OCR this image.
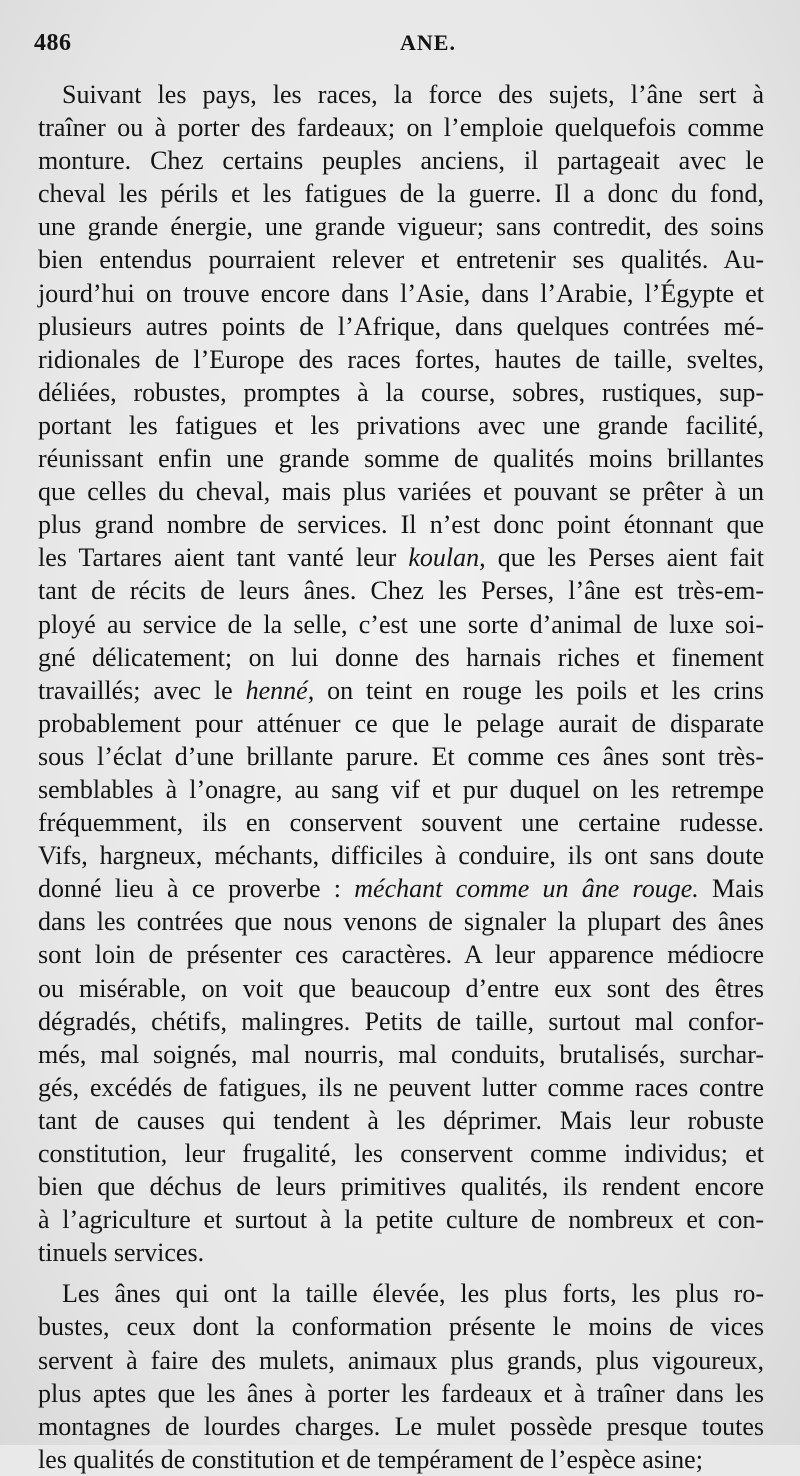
486	ANE.
Suivant les pays, les races, la force des sujets, l’âne sert à
traîner ou à porter des fardeaux; on l’emploie quelquefois comme
monture. Chez certains peuples anciens, il partageait avec le
cheval les périls et les fatigues de la guerre. Il a donc du fond,
une grande énergie, une grande vigueur; sans contredit, des soins
bien entendus pourraient relever et entretenir ses qualités. Au-
jourd’hui on trouve encore dans l’Asie, dans l’Arabie, l’Égypte et
plusieurs autres points de l’Afrique, dans quelques contrées mé-
ridionales de l’Europe des races fortes, hautes de taille, sveltes,
déliées, robustes, promptes à la course, sobres, rustiques, sup-
portant les fatigues et les privations avec une grande facilité,
réunissant enfin une grande somme de qualités moins brillantes
que celles du cheval, mais plus variées et pouvant se prêter à un
plus grand nombre de services. Il n’est donc point étonnant que
les Tartares aient tant vanté leur koulan, que les Perses aient fait
tant de récits de leurs ânes. Chez les Perses, l’âne est très-em-
ployé au service de la selle, c’est une sorte d’animal de luxe soi-
gné délicatement; on lui donne des harnais riches et finement
travaillés; avec le henné, on teint en rouge les poils et les crins
probablement pour atténuer ce que le pelage aurait de disparate
sous l’éclat d’une brillante parure. Et comme ces ânes sont très-
semblables à l’onagre, au sang vif et pur duquel on les retrempe
fréquemment, ils en conservent souvent une certaine rudesse.
Vifs, hargneux, méchants, difficiles à conduire, ils ont sans doute
donné lieu à ce proverbe : méchant comme un âne rouge. Mais
dans les contrées que nous venons de signaler la plupart des ânes
sont loin de présenter ces caractères. A leur apparence médiocre
ou misérable, on voit que beaucoup d’entre eux sont des êtres
dégradés, chétifs, malingres. Petits de taille, surtout mal confor-
més, mal soignés, mal nourris, mal conduits, brutalisés, surchar-
gés, excédés de fatigues, ils ne peuvent lutter comme races contre
tant de causes qui tendent à les déprimer. Mais leur robuste
constitution, leur frugalité, les conservent comme individus; et
bien que déchus de leurs primitives qualités, ils rendent encore
à l’agriculture et surtout à la petite culture de nombreux et con-
tinuels services.
Les ânes qui ont la taille élevée, les plus forts, les plus ro-
bustes, ceux dont la conformation présente le moins de vices
servent à faire des mulets, animaux plus grands, plus vigoureux,
plus aptes que les ânes à porter les fardeaux et à traîner dans les
montagnes de lourdes charges. Le mulet possède presque toutes
les qualités de constitution et de tempérament de l’espèce asine;
